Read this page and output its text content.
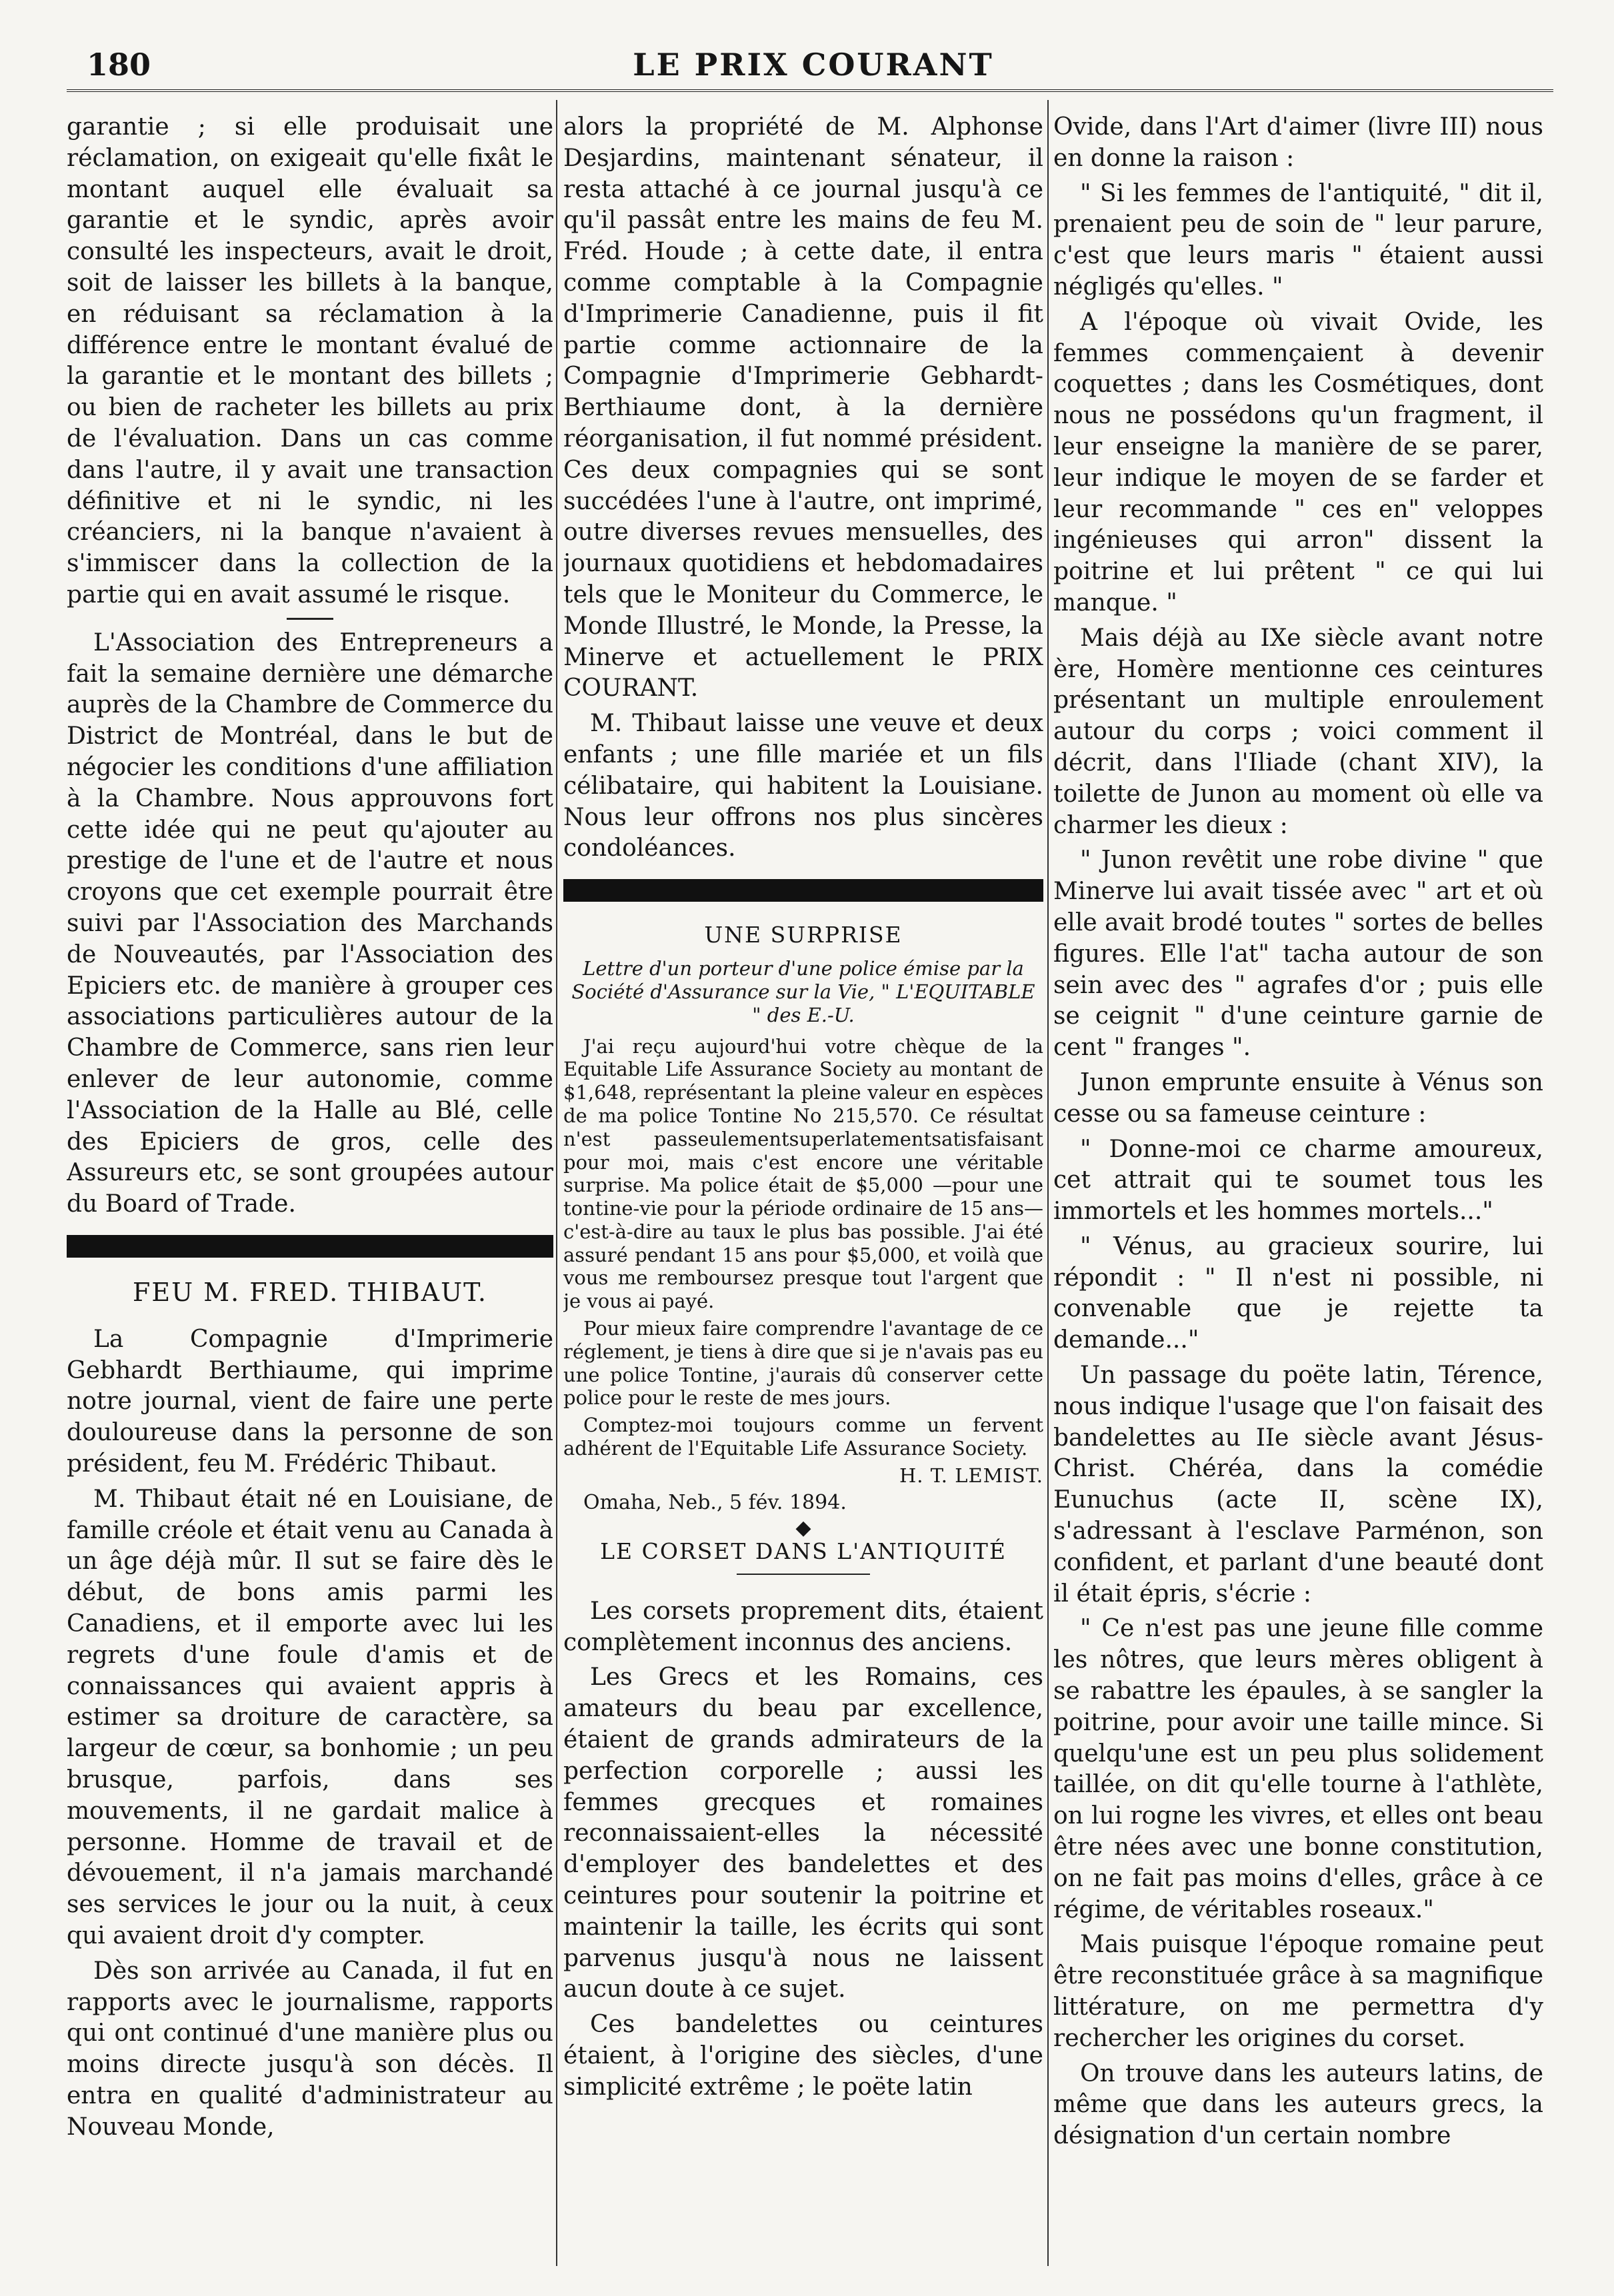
180	LE PRIX COURANT

garantie ; si elle produisait une réclamation, on exigeait qu'elle fixât le montant auquel elle évaluait sa garantie et le syndic, après avoir consulté les inspecteurs, avait le droit, soit de laisser les billets à la banque, en réduisant sa réclamation à la différence entre le montant évalué de la garantie et le montant des billets ; ou bien de racheter les billets au prix de l'évaluation. Dans un cas comme dans l'autre, il y avait une transaction définitive et ni le syndic, ni les créanciers, ni la banque n'avaient à s'immiscer dans la collection de la partie qui en avait assumé le risque.

L'Association des Entrepreneurs a fait la semaine dernière une démarche auprès de la Chambre de Commerce du District de Montréal, dans le but de négocier les conditions d'une affiliation à la Chambre. Nous approuvons fort cette idée qui ne peut qu'ajouter au prestige de l'une et de l'autre et nous croyons que cet exemple pourrait être suivi par l'Association des Marchands de Nouveautés, par l'Association des Epiciers etc. de manière à grouper ces associations particulières autour de la Chambre de Commerce, sans rien leur enlever de leur autonomie, comme l'Association de la Halle au Blé, celle des Epiciers de gros, celle des Assureurs etc, se sont groupées autour du Board of Trade.

FEU M. FRED. THIBAUT.

La Compagnie d'Imprimerie Gebhardt Berthiaume, qui imprime notre journal, vient de faire une perte douloureuse dans la personne de son président, feu M. Frédéric Thibaut.

M. Thibaut était né en Louisiane, de famille créole et était venu au Canada à un âge déjà mûr. Il sut se faire dès le début, de bons amis parmi les Canadiens, et il emporte avec lui les regrets d'une foule d'amis et de connaissances qui avaient appris à estimer sa droiture de caractère, sa largeur de cœur, sa bonhomie ; un peu brusque, parfois, dans ses mouvements, il ne gardait malice à personne. Homme de travail et de dévouement, il n'a jamais marchandé ses services le jour ou la nuit, à ceux qui avaient droit d'y compter.

Dès son arrivée au Canada, il fut en rapports avec le journalisme, rapports qui ont continué d'une manière plus ou moins directe jusqu'à son décès. Il entra en qualité d'administrateur au Nouveau Monde,

alors la propriété de M. Alphonse Desjardins, maintenant sénateur, il resta attaché à ce journal jusqu'à ce qu'il passât entre les mains de feu M. Fréd. Houde ; à cette date, il entra comme comptable à la Compagnie d'Imprimerie Canadienne, puis il fit partie comme actionnaire de la Compagnie d'Imprimerie Gebhardt-Berthiaume dont, à la dernière réorganisation, il fut nommé président. Ces deux compagnies qui se sont succédées l'une à l'autre, ont imprimé, outre diverses revues mensuelles, des journaux quotidiens et hebdomadaires tels que le Moniteur du Commerce, le Monde Illustré, le Monde, la Presse, la Minerve et actuellement le PRIX COURANT.

M. Thibaut laisse une veuve et deux enfants ; une fille mariée et un fils célibataire, qui habitent la Louisiane. Nous leur offrons nos plus sincères condoléances.

UNE SURPRISE
Lettre d'un porteur d'une police émise par la Société d'Assurance sur la Vie, " L'EQUITABLE " des E.-U.

J'ai reçu aujourd'hui votre chèque de la Equitable Life Assurance Society au montant de $1,648, représentant la pleine valeur en espèces de ma police Tontine No 215,570. Ce résultat n'est passeulementsuperlatementsatisfaisant pour moi, mais c'est encore une véritable surprise. Ma police était de $5,000 —pour une tontine-vie pour la période ordinaire de 15 ans—c'est-à-dire au taux le plus bas possible. J'ai été assuré pendant 15 ans pour $5,000, et voilà que vous me remboursez presque tout l'argent que je vous ai payé.

Pour mieux faire comprendre l'avantage de ce réglement, je tiens à dire que si je n'avais pas eu une police Tontine, j'aurais dû conserver cette police pour le reste de mes jours.

Comptez-moi toujours comme un fervent adhérent de l'Equitable Life Assurance Society.

H. T. LEMIST.
Omaha, Neb., 5 fév. 1894.
◆
LE CORSET DANS L'ANTIQUITÉ

Les corsets proprement dits, étaient complètement inconnus des anciens.

Les Grecs et les Romains, ces amateurs du beau par excellence, étaient de grands admirateurs de la perfection corporelle ; aussi les femmes grecques et romaines reconnaissaient-elles la nécessité d'employer des bandelettes et des ceintures pour soutenir la poitrine et maintenir la taille, les écrits qui sont parvenus jusqu'à nous ne laissent aucun doute à ce sujet.

Ces bandelettes ou ceintures étaient, à l'origine des siècles, d'une simplicité extrême ; le poëte latin

Ovide, dans l'Art d'aimer (livre III) nous en donne la raison :

" Si les femmes de l'antiquité, " dit il, prenaient peu de soin de " leur parure, c'est que leurs maris " étaient aussi négligés qu'elles. "

A l'époque où vivait Ovide, les femmes commençaient à devenir coquettes ; dans les Cosmétiques, dont nous ne possédons qu'un fragment, il leur enseigne la manière de se parer, leur indique le moyen de se farder et leur recommande " ces en" veloppes ingénieuses qui arron" dissent la poitrine et lui prêtent " ce qui lui manque. "

Mais déjà au IXe siècle avant notre ère, Homère mentionne ces ceintures présentant un multiple enroulement autour du corps ; voici comment il décrit, dans l'Iliade (chant XIV), la toilette de Junon au moment où elle va charmer les dieux :

" Junon revêtit une robe divine " que Minerve lui avait tissée avec " art et où elle avait brodé toutes " sortes de belles figures. Elle l'at" tacha autour de son sein avec des " agrafes d'or ; puis elle se ceignit " d'une ceinture garnie de cent " franges ".

Junon emprunte ensuite à Vénus son cesse ou sa fameuse ceinture :

" Donne-moi ce charme amoureux, cet attrait qui te soumet tous les immortels et les hommes mortels..."

" Vénus, au gracieux sourire, lui répondit : " Il n'est ni possible, ni convenable que je rejette ta demande..."

Un passage du poëte latin, Térence, nous indique l'usage que l'on faisait des bandelettes au IIe siècle avant Jésus-Christ. Chéréa, dans la comédie Eunuchus (acte II, scène IX), s'adressant à l'esclave Parménon, son confident, et parlant d'une beauté dont il était épris, s'écrie :

" Ce n'est pas une jeune fille comme les nôtres, que leurs mères obligent à se rabattre les épaules, à se sangler la poitrine, pour avoir une taille mince. Si quelqu'une est un peu plus solidement taillée, on dit qu'elle tourne à l'athlète, on lui rogne les vivres, et elles ont beau être nées avec une bonne constitution, on ne fait pas moins d'elles, grâce à ce régime, de véritables roseaux."

Mais puisque l'époque romaine peut être reconstituée grâce à sa magnifique littérature, on me permettra d'y rechercher les origines du corset.

On trouve dans les auteurs latins, de même que dans les auteurs grecs, la désignation d'un certain nombre
